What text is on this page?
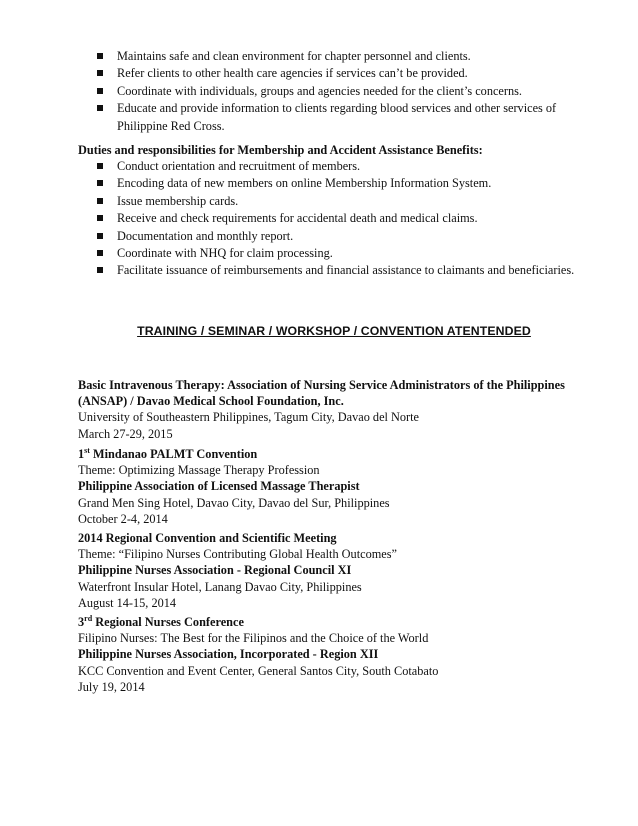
Maintains safe and clean environment for chapter personnel and clients.
Refer clients to other health care agencies if services can’t be provided.
Coordinate with individuals, groups and agencies needed for the client’s concerns.
Educate and provide information to clients regarding blood services and other services of
Philippine Red Cross.
Duties and responsibilities for Membership and Accident Assistance Benefits:
Conduct orientation and recruitment of members.
Encoding data of new members on online Membership Information System.
Issue membership cards.
Receive and check requirements for accidental death and medical claims.
Documentation and monthly report.
Coordinate with NHQ for claim processing.
Facilitate issuance of reimbursements and financial assistance to claimants and beneficiaries.
TRAINING / SEMINAR / WORKSHOP / CONVENTION ATENTENDED
Basic Intravenous Therapy: Association of Nursing Service Administrators of the Philippines
(ANSAP) / Davao Medical School Foundation, Inc.
University of Southeastern Philippines, Tagum City, Davao del Norte
March 27-29, 2015
1st Mindanao PALMT Convention
Theme: Optimizing Massage Therapy Profession
Philippine Association of Licensed Massage Therapist
Grand Men Sing Hotel, Davao City, Davao del Sur, Philippines
October 2-4, 2014
2014 Regional Convention and Scientific Meeting
Theme: “Filipino Nurses Contributing Global Health Outcomes”
Philippine Nurses Association - Regional Council XI
Waterfront Insular Hotel, Lanang Davao City, Philippines
August 14-15, 2014
3rd Regional Nurses Conference
Filipino Nurses: The Best for the Filipinos and the Choice of the World
Philippine Nurses Association, Incorporated - Region XII
KCC Convention and Event Center, General Santos City, South Cotabato
July 19, 2014
